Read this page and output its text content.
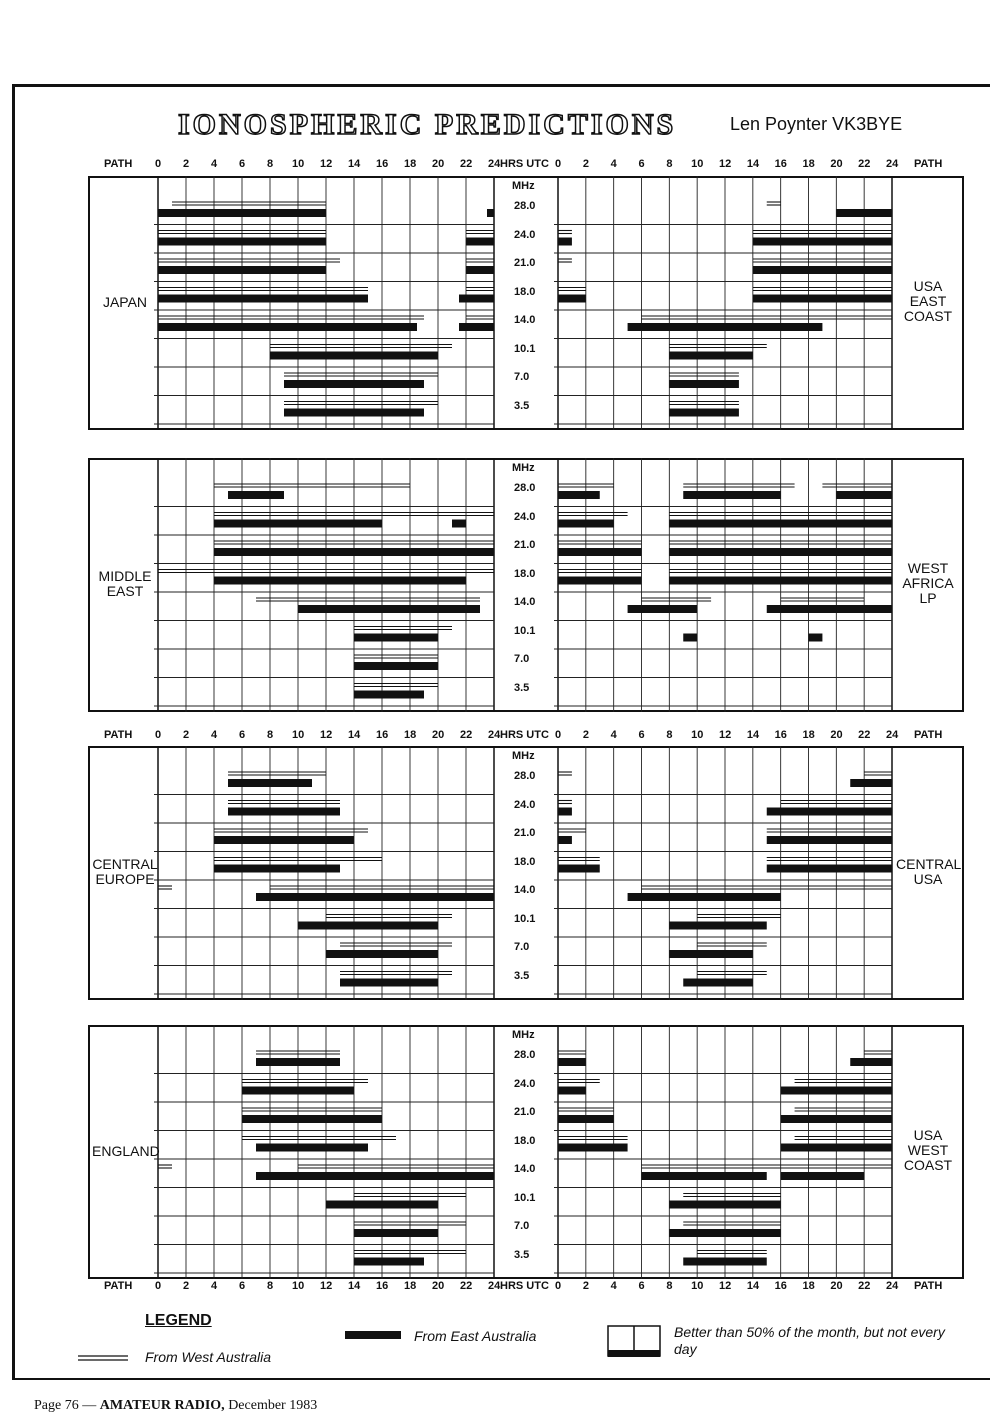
IONOSPHERIC PREDICTIONS	Len Poynter VK3BYE
PATH	PATH
0	0
2	2
4	4
6	6
8	8
10	10
12	12
14	14
16	16
18	18
20	20
22	22
24	24
HRS UTC
PATH	PATH
0	0
2	2
4	4
6	6
8	8
10	10
12	12
14	14
16	16
18	18
20	20
22	22
24	24
HRS UTC
PATH	PATH
0	0
2	2
4	4
6	6
8	8
10	10
12	12
14	14
16	16
18	18
20	20
22	22
24	24
HRS UTC
JAPAN
USA
EAST
COAST
MHz
28.0
24.0
21.0
18.0
14.0
10.1
7.0
3.5
MIDDLE
EAST
WEST
AFRICA
LP
MHz
28.0
24.0
21.0
18.0
14.0
10.1
7.0
3.5
CENTRAL
EUROPE
CENTRAL
USA
MHz
28.0
24.0
21.0
18.0
14.0
10.1
7.0
3.5
ENGLAND
USA
WEST
COAST
MHz
28.0
24.0
21.0
18.0
14.0
10.1
7.0
3.5
LEGEND
From West Australia
From East Australia	Better than 50% of the month, but not every
day
Page 76 — AMATEUR RADIO, December 1983
